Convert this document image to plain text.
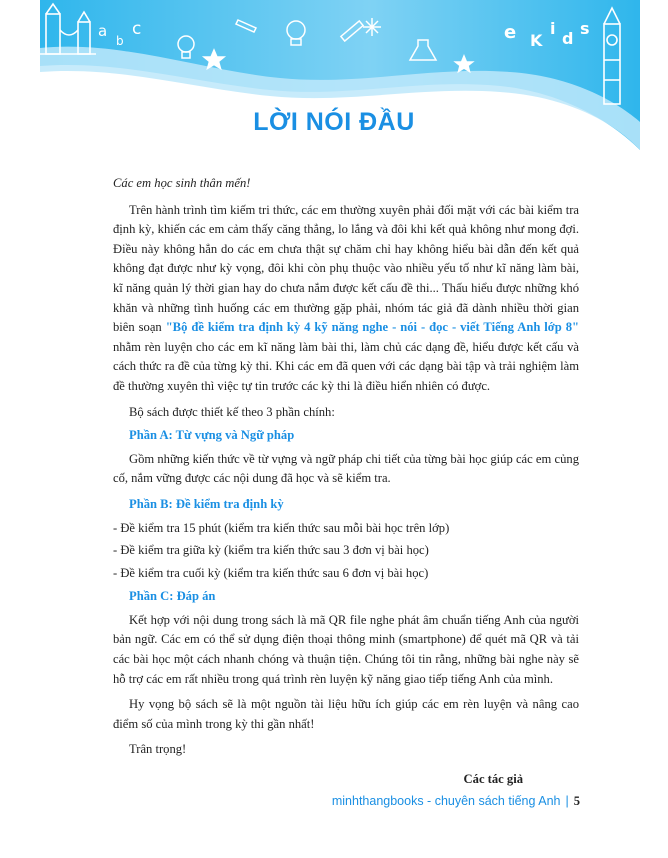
a
b
c	e K
i
d
s
LỜI NÓI ĐẦU

Các em học sinh thân mến!

Trên hành trình tìm kiếm tri thức, các em thường xuyên phải đối mặt với các bài kiểm tra định kỳ, khiến các em cảm thấy căng thẳng, lo lắng và đôi khi kết quả không như mong đợi. Điều này không hẳn do các em chưa thật sự chăm chỉ hay không hiểu bài dẫn đến kết quả không đạt được như kỳ vọng, đôi khi còn phụ thuộc vào nhiều yếu tố như kĩ năng làm bài, kĩ năng quản lý thời gian hay do chưa nắm được kết cấu đề thi... Thấu hiểu được những khó khăn và những tình huống các em thường gặp phải, nhóm tác giả đã dành nhiều thời gian biên soạn "Bộ đề kiểm tra định kỳ 4 kỹ năng nghe - nói - đọc - viết Tiếng Anh lớp 8" nhằm rèn luyện cho các em kĩ năng làm bài thi, làm chủ các dạng đề, hiểu được kết cấu và cách thức ra đề của từng kỳ thi. Khi các em đã quen với các dạng bài tập và trải nghiệm làm đề thường xuyên thì việc tự tin trước các kỳ thi là điều hiển nhiên có được.

Bộ sách được thiết kế theo 3 phần chính:

Phần A: Từ vựng và Ngữ pháp

Gồm những kiến thức về từ vựng và ngữ pháp chi tiết của từng bài học giúp các em củng cố, nắm vững được các nội dung đã học và sẽ kiểm tra.

Phần B: Đề kiểm tra định kỳ

- Đề kiểm tra 15 phút (kiểm tra kiến thức sau mỗi bài học trên lớp)

- Đề kiểm tra giữa kỳ (kiểm tra kiến thức sau 3 đơn vị bài học)

- Đề kiểm tra cuối kỳ (kiểm tra kiến thức sau 6 đơn vị bài học)

Phần C: Đáp án

Kết hợp với nội dung trong sách là mã QR file nghe phát âm chuẩn tiếng Anh của người bản ngữ. Các em có thể sử dụng điện thoại thông minh (smartphone) để quét mã QR và tải các bài học một cách nhanh chóng và thuận tiện. Chúng tôi tin rằng, những bài nghe này sẽ hỗ trợ các em rất nhiều trong quá trình rèn luyện kỹ năng giao tiếp tiếng Anh của mình.

Hy vọng bộ sách sẽ là một nguồn tài liệu hữu ích giúp các em rèn luyện và nâng cao điểm số của mình trong kỳ thi gần nhất!

Trân trọng!

Các tác giả

minhthangbooks - chuyên sách tiếng Anh | 5
